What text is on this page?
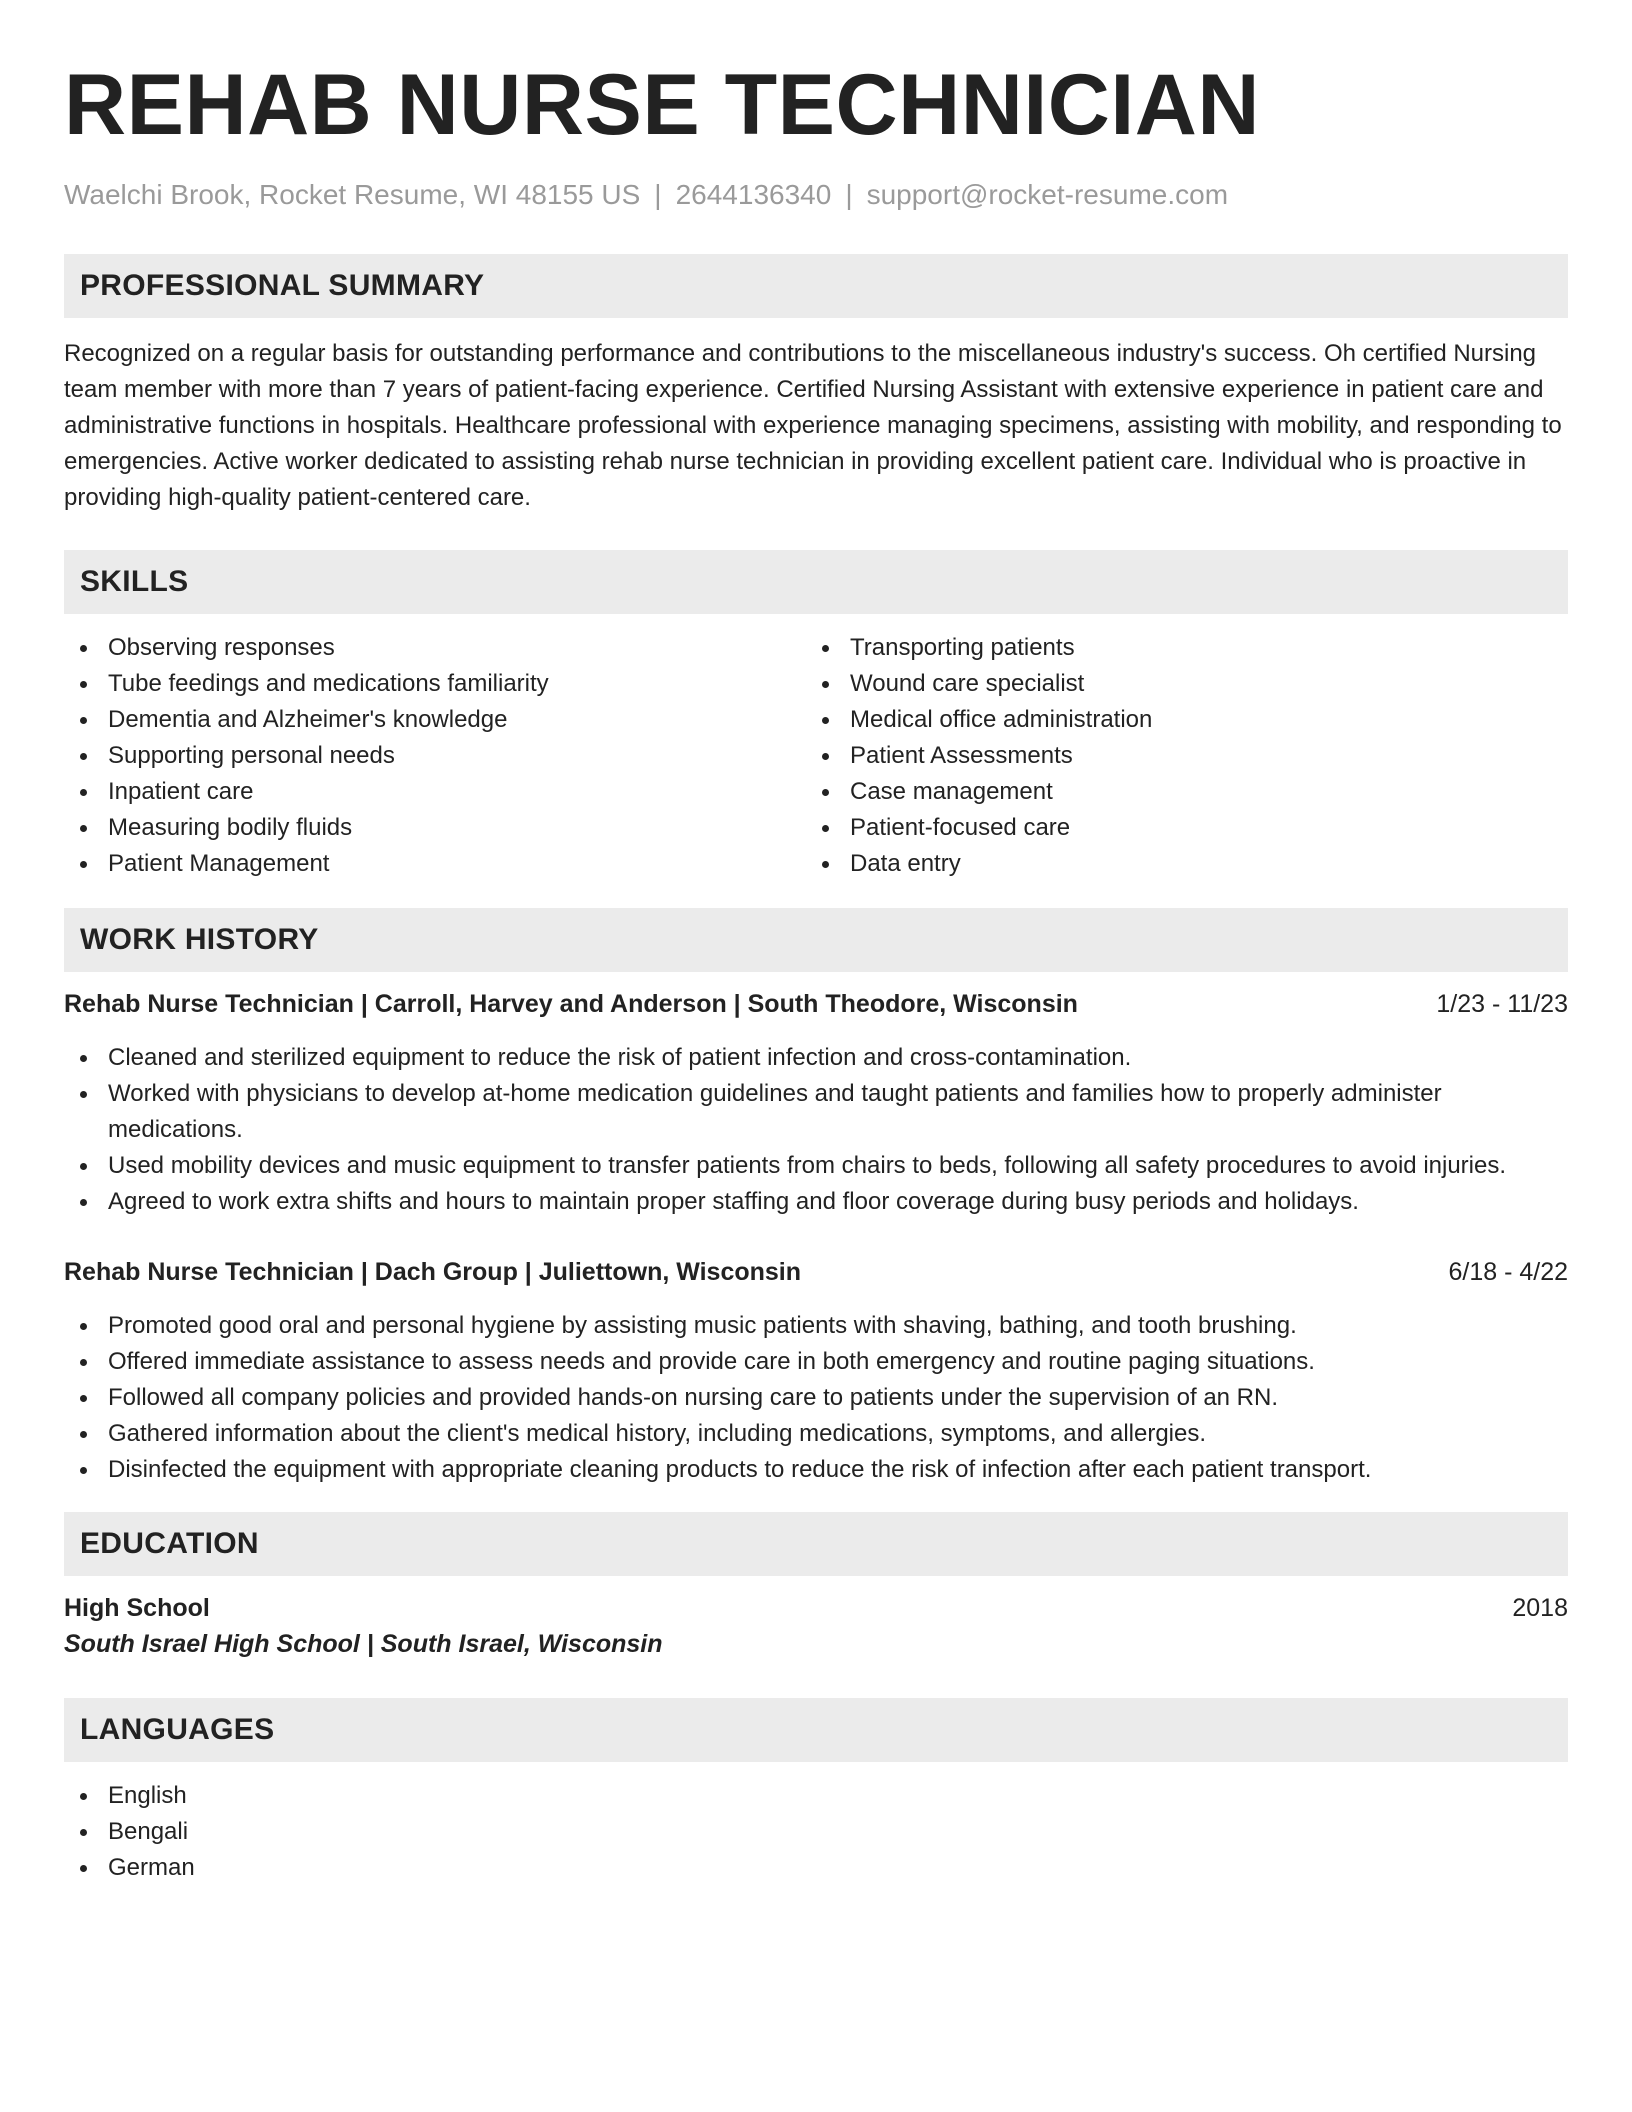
REHAB NURSE TECHNICIAN
Waelchi Brook, Rocket Resume, WI 48155 US | 2644136340 | support@rocket-resume.com
PROFESSIONAL SUMMARY
Recognized on a regular basis for outstanding performance and contributions to the miscellaneous industry's success. Oh certified Nursing team member with more than 7 years of patient-facing experience. Certified Nursing Assistant with extensive experience in patient care and administrative functions in hospitals. Healthcare professional with experience managing specimens, assisting with mobility, and responding to emergencies. Active worker dedicated to assisting rehab nurse technician in providing excellent patient care. Individual who is proactive in providing high-quality patient-centered care.
SKILLS
Observing responses
Tube feedings and medications familiarity
Dementia and Alzheimer's knowledge
Supporting personal needs
Inpatient care
Measuring bodily fluids
Patient Management
Transporting patients
Wound care specialist
Medical office administration
Patient Assessments
Case management
Patient-focused care
Data entry
WORK HISTORY
Rehab Nurse Technician | Carroll, Harvey and Anderson | South Theodore, Wisconsin	1/23 - 11/23
Cleaned and sterilized equipment to reduce the risk of patient infection and cross-contamination.
Worked with physicians to develop at-home medication guidelines and taught patients and families how to properly administer medications.
Used mobility devices and music equipment to transfer patients from chairs to beds, following all safety procedures to avoid injuries.
Agreed to work extra shifts and hours to maintain proper staffing and floor coverage during busy periods and holidays.
Rehab Nurse Technician | Dach Group | Juliettown, Wisconsin	6/18 - 4/22
Promoted good oral and personal hygiene by assisting music patients with shaving, bathing, and tooth brushing.
Offered immediate assistance to assess needs and provide care in both emergency and routine paging situations.
Followed all company policies and provided hands-on nursing care to patients under the supervision of an RN.
Gathered information about the client's medical history, including medications, symptoms, and allergies.
Disinfected the equipment with appropriate cleaning products to reduce the risk of infection after each patient transport.
EDUCATION
High School	2018
South Israel High School | South Israel, Wisconsin
LANGUAGES
English
Bengali
German
